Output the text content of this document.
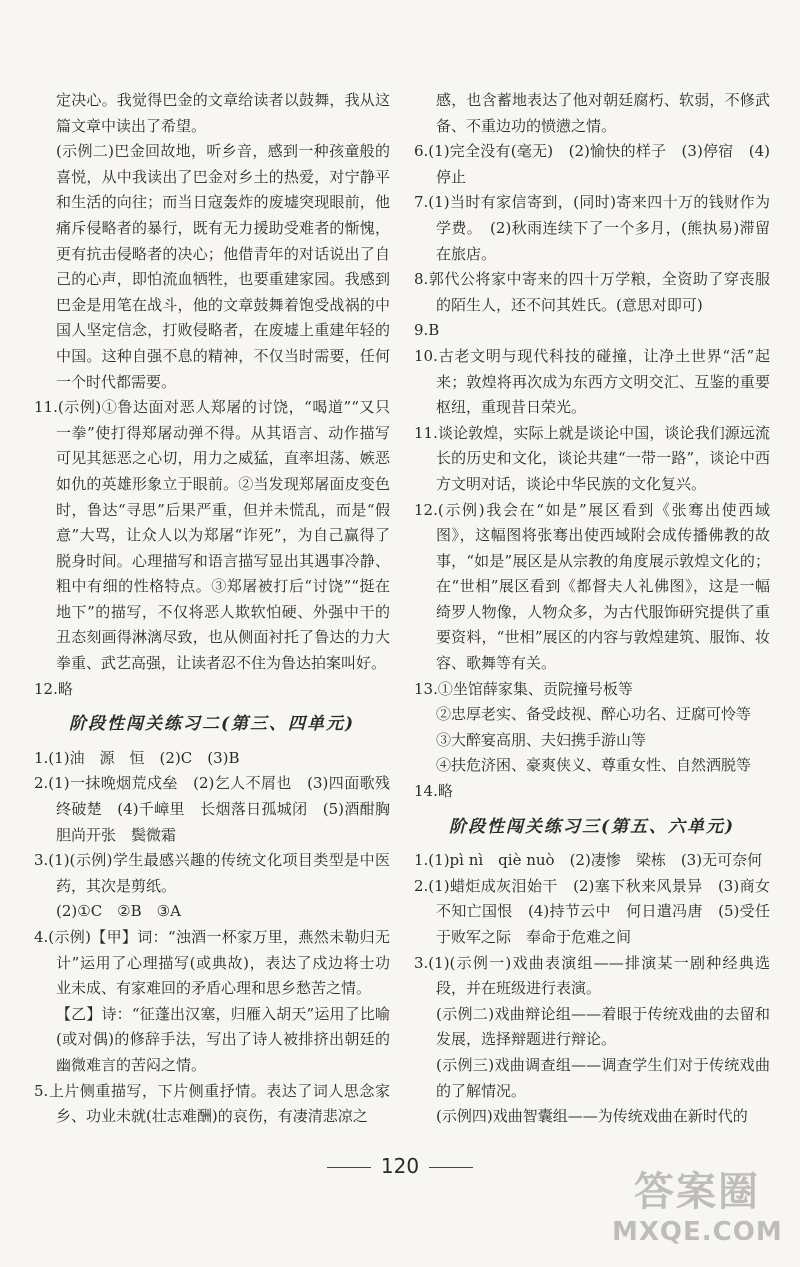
定决心。我觉得巴金的文章给读者以鼓舞，我从这篇文章中读出了希望。

(示例二)巴金回故地，听乡音，感到一种孩童般的喜悦，从中我读出了巴金对乡土的热爱，对宁静平和生活的向往；而当日寇轰炸的废墟突现眼前，他痛斥侵略者的暴行，既有无力援助受难者的惭愧，更有抗击侵略者的决心；他借青年的对话说出了自己的心声，即怕流血牺牲，也要重建家园。我感到巴金是用笔在战斗，他的文章鼓舞着饱受战祸的中国人坚定信念，打败侵略者，在废墟上重建年轻的中国。这种自强不息的精神，不仅当时需要，任何一个时代都需要。

11.(示例)①鲁达面对恶人郑屠的讨饶，“喝道”“又只一拳”使打得郑屠动弹不得。从其语言、动作描写可见其惩恶之心切，用力之威猛，直率坦荡、嫉恶如仇的英雄形象立于眼前。②当发现郑屠面皮变色时，鲁达“寻思”后果严重，但并未慌乱，而是“假意”大骂，让众人以为郑屠“诈死”，为自己赢得了脱身时间。心理描写和语言描写显出其遇事冷静、粗中有细的性格特点。③郑屠被打后“讨饶”“挺在地下”的描写，不仅将恶人欺软怕硬、外强中干的丑态刻画得淋漓尽致，也从侧面衬托了鲁达的力大拳重、武艺高强，让读者忍不住为鲁达拍案叫好。

12.略

阶段性闯关练习二(第三、四单元)

1.(1)油　源　恒　(2)C　(3)B

2.(1)一抹晚烟荒戍垒　(2)乞人不屑也　(3)四面歌残终破楚　(4)千嶂里　长烟落日孤城闭　(5)酒酣胸胆尚开张　鬓微霜

3.(1)(示例)学生最感兴趣的传统文化项目类型是中医药，其次是剪纸。

(2)①C　②B　③A

4.(示例)【甲】词：“浊酒一杯家万里，燕然未勒归无计”运用了心理描写(或典故)，表达了戍边将士功业未成、有家难回的矛盾心理和思乡愁苦之情。

【乙】诗：“征蓬出汉塞，归雁入胡天”运用了比喻(或对偶)的修辞手法，写出了诗人被排挤出朝廷的幽微难言的苦闷之情。

5.上片侧重描写，下片侧重抒情。表达了词人思念家乡、功业未就(壮志难酬)的哀伤，有凄清悲凉之

感，也含蓄地表达了他对朝廷腐朽、软弱，不修武备、不重边功的愤懑之情。

6.(1)完全没有(毫无)　(2)愉快的样子　(3)停宿　(4)停止

7.(1)当时有家信寄到，(同时)寄来四十万的钱财作为学费。　(2)秋雨连续下了一个多月，(熊执易)滞留在旅店。

8.郭代公将家中寄来的四十万学粮，全资助了穿丧服的陌生人，还不问其姓氏。(意思对即可)

9.B

10.古老文明与现代科技的碰撞，让净土世界“活”起来；敦煌将再次成为东西方文明交汇、互鉴的重要枢纽，重现昔日荣光。

11.谈论敦煌，实际上就是谈论中国，谈论我们源远流长的历史和文化，谈论共建“一带一路”，谈论中西方文明对话，谈论中华民族的文化复兴。

12.(示例)我会在“如是”展区看到《张骞出使西域图》，这幅图将张骞出使西域附会成传播佛教的故事，“如是”展区是从宗教的角度展示敦煌文化的；在“世相”展区看到《都督夫人礼佛图》，这是一幅绮罗人物像，人物众多，为古代服饰研究提供了重要资料，“世相”展区的内容与敦煌建筑、服饰、妆容、歌舞等有关。

13.①坐馆薛家集、贡院撞号板等

②忠厚老实、备受歧视、醉心功名、迂腐可怜等

③大醉宴高朋、夫妇携手游山等

④扶危济困、豪爽侠义、尊重女性、自然洒脱等

14.略

阶段性闯关练习三(第五、六单元)

1.(1)pì nì　qiè nuò　(2)凄惨　梁栋　(3)无可奈何

2.(1)蜡炬成灰泪始干　(2)塞下秋来风景异　(3)商女不知亡国恨　(4)持节云中　何日遣冯唐　(5)受任于败军之际　奉命于危难之间

3.(1)(示例一)戏曲表演组——排演某一剧种经典选段，并在班级进行表演。

(示例二)戏曲辩论组——着眼于传统戏曲的去留和发展，选择辩题进行辩论。

(示例三)戏曲调查组——调查学生们对于传统戏曲的了解情况。

(示例四)戏曲智囊组——为传统戏曲在新时代的

120
答案圈
MXQE.COM
